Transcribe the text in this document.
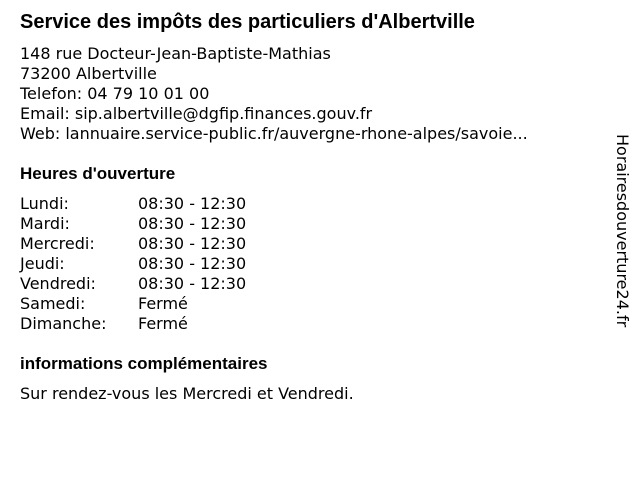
Service des impôts des particuliers d'Albertville
148 rue Docteur-Jean-Baptiste-Mathias
73200 Albertville
Telefon: 04 79 10 01 00
Email: sip.albertville@dgfip.finances.gouv.fr
Web: lannuaire.service-public.fr/auvergne-rhone-alpes/savoie...
Heures d'ouverture
Lundi:	08:30 - 12:30
Mardi:	08:30 - 12:30
Mercredi:	08:30 - 12:30
Jeudi:	08:30 - 12:30
Vendredi:	08:30 - 12:30
Samedi:	Fermé
Dimanche: Fermé
informations complémentaires
Sur rendez-vous les Mercredi et Vendredi.
Horairesdouverture24.fr
